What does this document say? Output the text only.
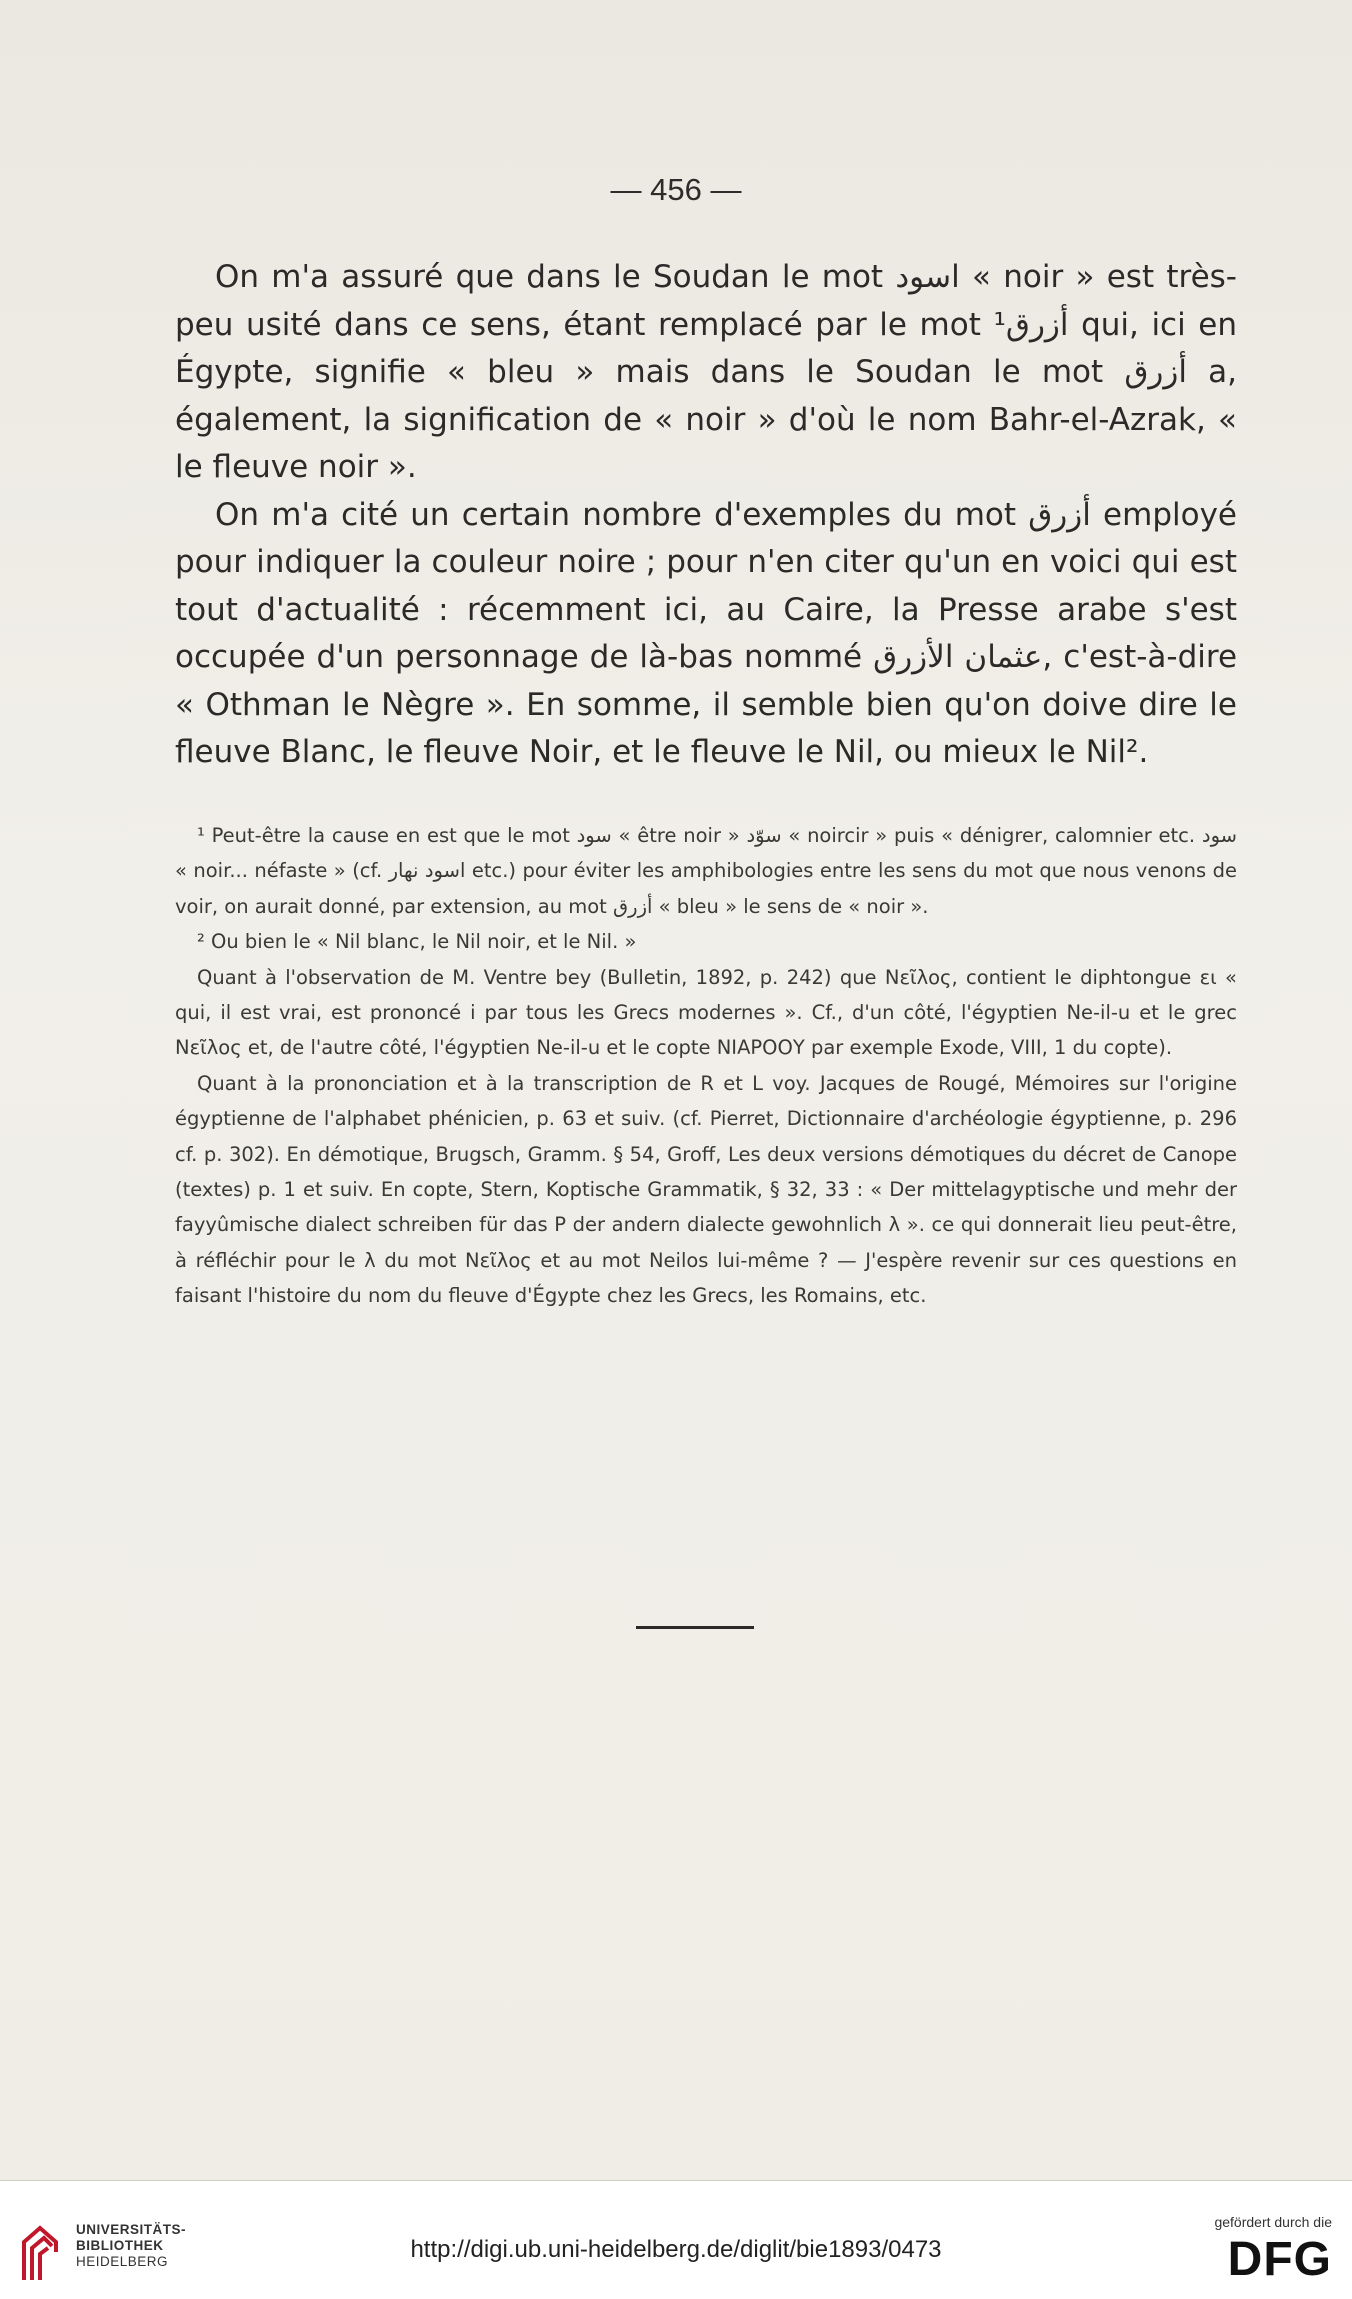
— 456 —

On m'a assuré que dans le Soudan le mot اسود « noir » est très-peu usité dans ce sens, étant remplacé par le mot أزرق¹ qui, ici en Égypte, signifie « bleu » mais dans le Soudan le mot أزرق a, également, la signification de « noir » d'où le nom Bahr-el-Azrak, « le fleuve noir ».

On m'a cité un certain nombre d'exemples du mot أزرق employé pour indiquer la couleur noire ; pour n'en citer qu'un en voici qui est tout d'actualité : récemment ici, au Caire, la Presse arabe s'est occupée d'un personnage de là-bas nommé عثمان الأزرق, c'est-à-dire « Othman le Nègre ». En somme, il semble bien qu'on doive dire le fleuve Blanc, le fleuve Noir, et le fleuve le Nil, ou mieux le Nil².

¹ Peut-être la cause en est que le mot سود « être noir » سوّد « noircir » puis « dénigrer, calomnier etc. سود « noir... néfaste » (cf. اسود نهار etc.) pour éviter les amphibologies entre les sens du mot que nous venons de voir, on aurait donné, par extension, au mot أزرق « bleu » le sens de « noir ».

² Ou bien le « Nil blanc, le Nil noir, et le Nil. »

Quant à l'observation de M. Ventre bey (Bulletin, 1892, p. 242) que Νεῖλος, contient le diphtongue ει « qui, il est vrai, est prononcé i par tous les Grecs modernes ». Cf., d'un côté, l'égyptien Ne-il-u et le grec Νεῖλος et, de l'autre côté, l'égyptien Ne-il-u et le copte ΝΙΑΡΟΟΥ par exemple Exode, VIII, 1 du copte).

Quant à la prononciation et à la transcription de R et L voy. Jacques de Rougé, Mémoires sur l'origine égyptienne de l'alphabet phénicien, p. 63 et suiv. (cf. Pierret, Dictionnaire d'archéologie égyptienne, p. 296 cf. p. 302). En démotique, Brugsch, Gramm. § 54, Groff, Les deux versions démotiques du décret de Canope (textes) p. 1 et suiv. En copte, Stern, Koptische Grammatik, § 32, 33 : « Der mittelagyptische und mehr der fayyûmische dialect schreiben für das P der andern dialecte gewohnlich λ ». ce qui donnerait lieu peut-être, à réfléchir pour le λ du mot Νεῖλος et au mot Neilos lui-même ? — J'espère revenir sur ces questions en faisant l'histoire du nom du fleuve d'Égypte chez les Grecs, les Romains, etc.

UNIVERSITÄTS-
BIBLIOTHEK
HEIDELBERG	http://digi.ub.uni-heidelberg.de/diglit/bie1893/0473
gefördert durch die
DFG
